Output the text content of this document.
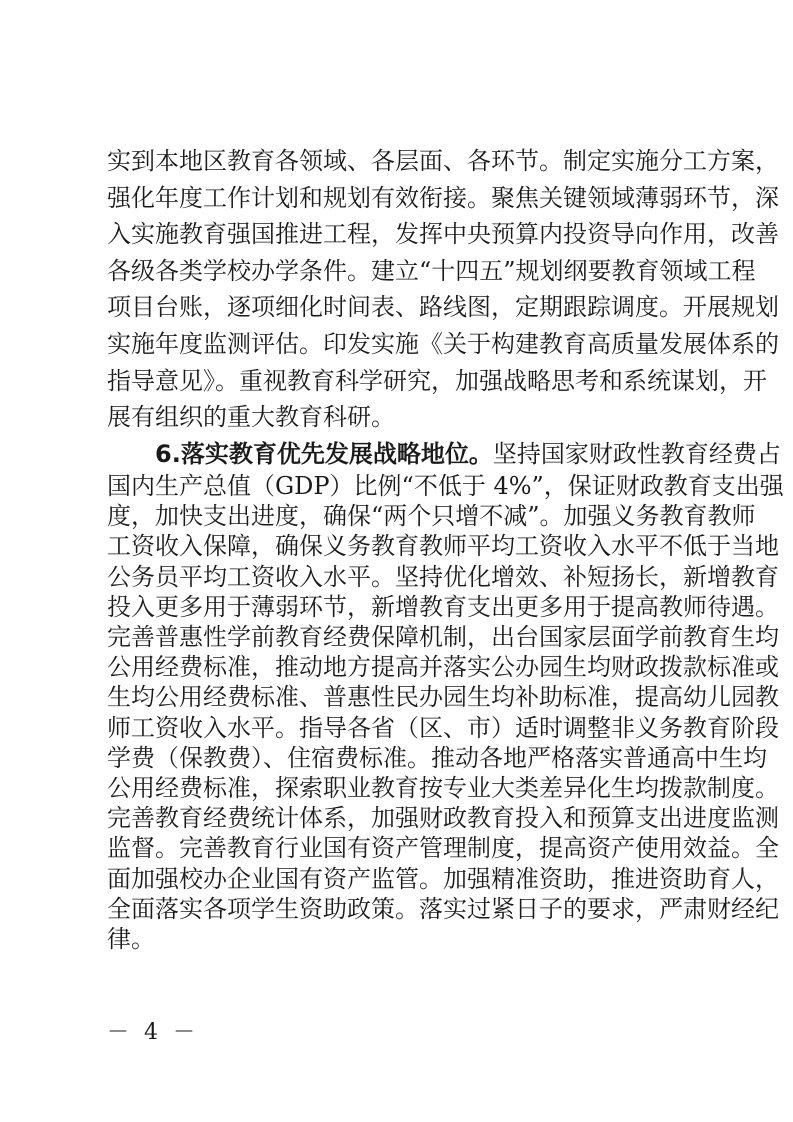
实到本地区教育各领域、各层面、各环节。制定实施分工方案，
强化年度工作计划和规划有效衔接。聚焦关键领域薄弱环节，深
入实施教育强国推进工程，发挥中央预算内投资导向作用，改善
各级各类学校办学条件。建立“十四五”规划纲要教育领域工程
项目台账，逐项细化时间表、路线图，定期跟踪调度。开展规划
实施年度监测评估。印发实施《关于构建教育高质量发展体系的
指导意见》。重视教育科学研究，加强战略思考和系统谋划，开
展有组织的重大教育科研。
6.落实教育优先发展战略地位。坚持国家财政性教育经费占
国内生产总值（GDP）比例“不低于 4%”，保证财政教育支出强
度，加快支出进度，确保“两个只增不减”。加强义务教育教师
工资收入保障，确保义务教育教师平均工资收入水平不低于当地
公务员平均工资收入水平。坚持优化增效、补短扬长，新增教育
投入更多用于薄弱环节，新增教育支出更多用于提高教师待遇。
完善普惠性学前教育经费保障机制，出台国家层面学前教育生均
公用经费标准，推动地方提高并落实公办园生均财政拨款标准或
生均公用经费标准、普惠性民办园生均补助标准，提高幼儿园教
师工资收入水平。指导各省（区、市）适时调整非义务教育阶段
学费（保教费）、住宿费标准。推动各地严格落实普通高中生均
公用经费标准，探索职业教育按专业大类差异化生均拨款制度。
完善教育经费统计体系，加强财政教育投入和预算支出进度监测
监督。完善教育行业国有资产管理制度，提高资产使用效益。全
面加强校办企业国有资产监管。加强精准资助，推进资助育人，
全面落实各项学生资助政策。落实过紧日子的要求，严肃财经纪
律。
－ 4 －
